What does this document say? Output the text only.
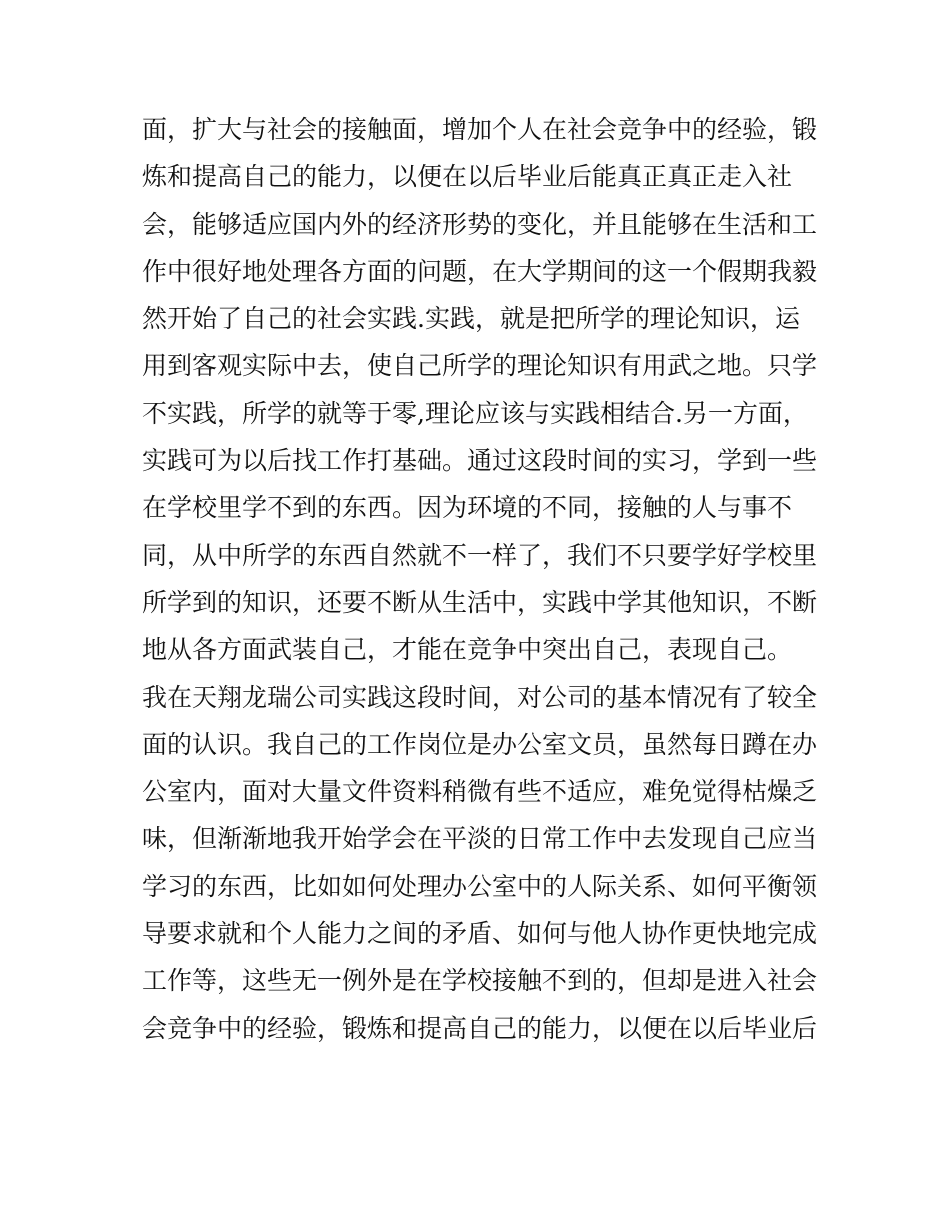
面，扩大与社会的接触面，增加个人在社会竞争中的经验，锻
炼和提高自己的能力，以便在以后毕业后能真正真正走入社
会，能够适应国内外的经济形势的变化，并且能够在生活和工
作中很好地处理各方面的问题，在大学期间的这一个假期我毅
然开始了自己的社会实践.实践，就是把所学的理论知识，运
用到客观实际中去，使自己所学的理论知识有用武之地。只学
不实践，所学的就等于零,理论应该与实践相结合.另一方面，
实践可为以后找工作打基础。通过这段时间的实习，学到一些
在学校里学不到的东西。因为环境的不同，接触的人与事不
同，从中所学的东西自然就不一样了，我们不只要学好学校里
所学到的知识，还要不断从生活中，实践中学其他知识，不断
地从各方面武装自己，才能在竞争中突出自己，表现自己。
我在天翔龙瑞公司实践这段时间，对公司的基本情况有了较全
面的认识。我自己的工作岗位是办公室文员，虽然每日蹲在办
公室内，面对大量文件资料稍微有些不适应，难免觉得枯燥乏
味，但渐渐地我开始学会在平淡的日常工作中去发现自己应当
学习的东西，比如如何处理办公室中的人际关系、如何平衡领
导要求就和个人能力之间的矛盾、如何与他人协作更快地完成
工作等，这些无一例外是在学校接触不到的，但却是进入社会
会竞争中的经验，锻炼和提高自己的能力，以便在以后毕业后
